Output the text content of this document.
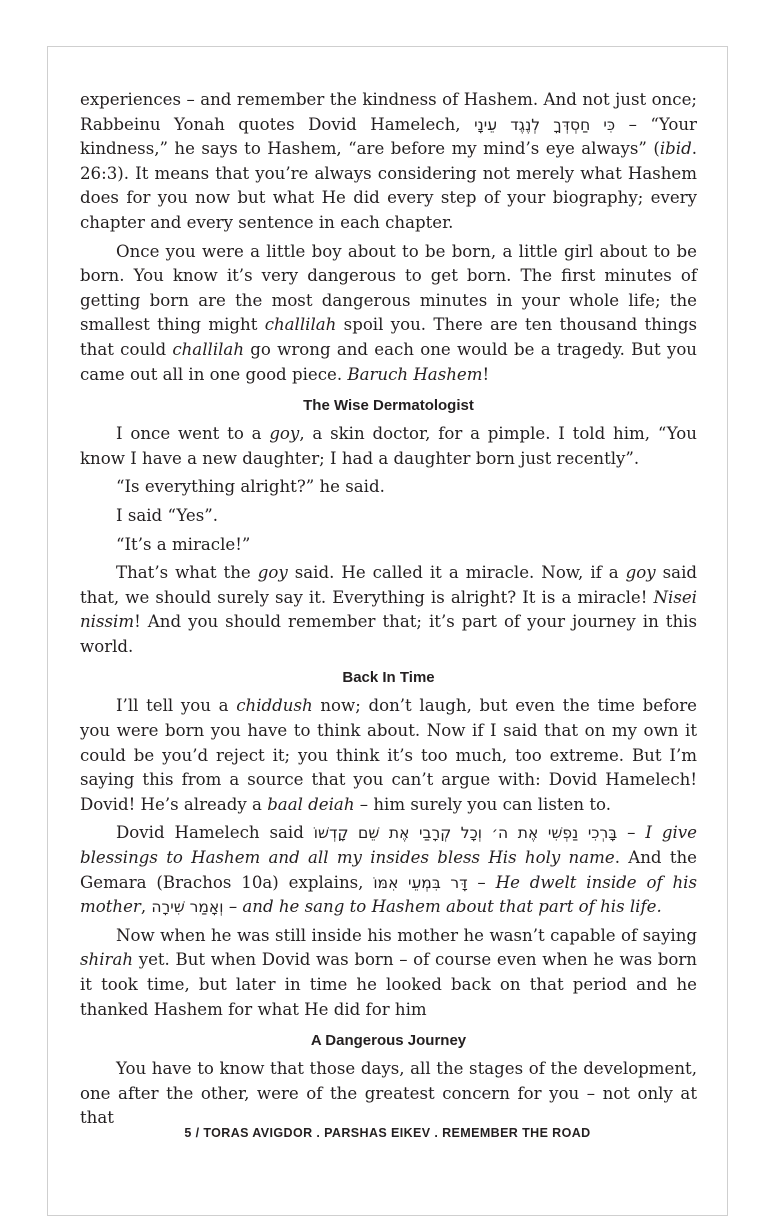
experiences – and remember the kindness of Hashem. And not just once; Rabbeinu Yonah quotes Dovid Hamelech, כִּי חַסְדְּךָ לְנֶגֶד עֵינָי – “Your kindness,” he says to Hashem, “are before my mind’s eye always” (ibid. 26:3). It means that you’re always considering not merely what Hashem does for you now but what He did every step of your biography; every chapter and every sentence in each chapter.

Once you were a little boy about to be born, a little girl about to be born. You know it’s very dangerous to get born. The first minutes of getting born are the most dangerous minutes in your whole life; the smallest thing might challilah spoil you. There are ten thousand things that could challilah go wrong and each one would be a tragedy. But you came out all in one good piece. Baruch Hashem!

The Wise Dermatologist

I once went to a goy, a skin doctor, for a pimple. I told him, “You know I have a new daughter; I had a daughter born just recently”.

“Is everything alright?” he said.

I said “Yes”.

“It’s a miracle!”

That’s what the goy said. He called it a miracle. Now, if a goy said that, we should surely say it. Everything is alright? It is a miracle! Nisei nissim! And you should remember that; it’s part of your journey in this world.

Back In Time

I’ll tell you a chiddush now; don’t laugh, but even the time before you were born you have to think about. Now if I said that on my own it could be you’d reject it; you think it’s too much, too extreme. But I’m saying this from a source that you can’t argue with: Dovid Hamelech! Dovid! He’s already a baal deiah – him surely you can listen to.

Dovid Hamelech said בָּרְכִי נַפְשִׁי אֶת ה׳ וְכָל קְרָבַי אֶת שֵׁם קָדְשׁוֹ – I give blessings to Hashem and all my insides bless His holy name. And the Gemara (Brachos 10a) explains, דָּר בִּמְעֵי אִמּוֹ – He dwelt inside of his mother, וְאָמַר שִׁירָה – and he sang to Hashem about that part of his life.

Now when he was still inside his mother he wasn’t capable of saying shirah yet. But when Dovid was born – of course even when he was born it took time, but later in time he looked back on that period and he thanked Hashem for what He did for him

A Dangerous Journey

You have to know that those days, all the stages of the development, one after the other, were of the greatest concern for you – not only at that

5 / TORAS AVIGDOR . PARSHAS EIKEV . REMEMBER THE ROAD
